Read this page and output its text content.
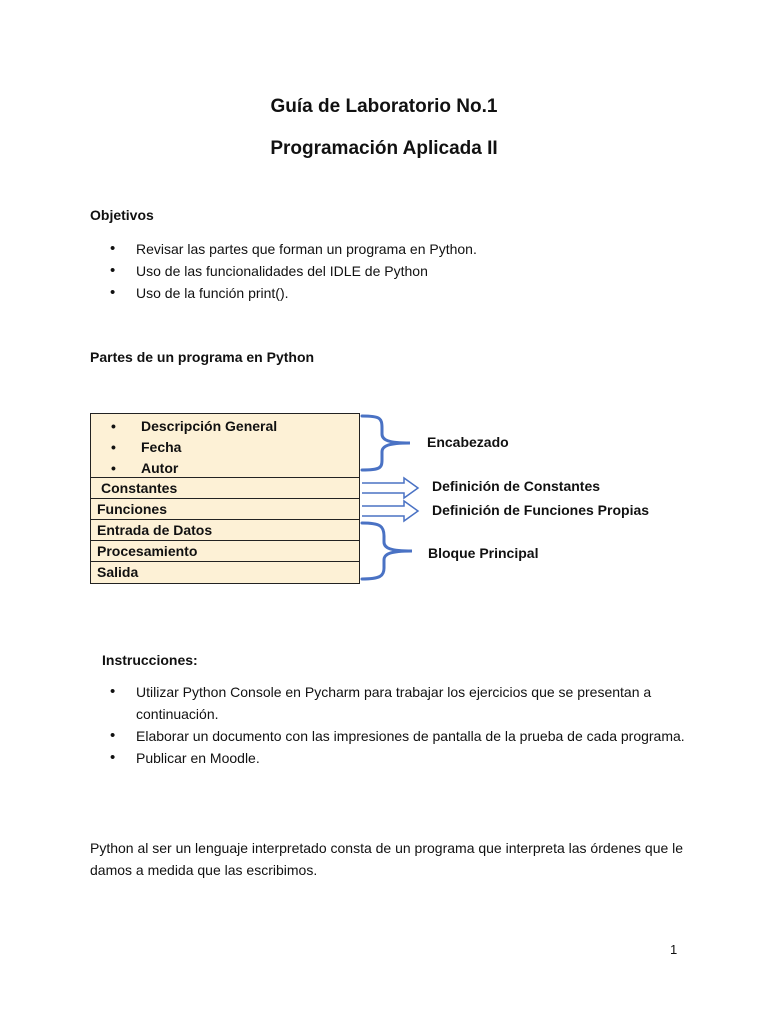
Guía de Laboratorio No.1
Programación Aplicada II
Objetivos
• Revisar las partes que forman un programa en Python.
• Uso de las funcionalidades del IDLE de Python
• Uso de la función print().
Partes de un programa en Python
• Descripción General
• Fecha
• Autor
Constantes
Funciones
Entrada de Datos
Procesamiento
Salida
Encabezado
Definición de Constantes
Definición de Funciones Propias
Bloque Principal
Instrucciones:
• Utilizar Python Console en Pycharm para trabajar los ejercicios que se presentan a continuación.
• Elaborar un documento con las impresiones de pantalla de la prueba de cada programa.
• Publicar en Moodle.
Python al ser un lenguaje interpretado consta de un programa que interpreta las órdenes que le damos a medida que las escribimos.
1
